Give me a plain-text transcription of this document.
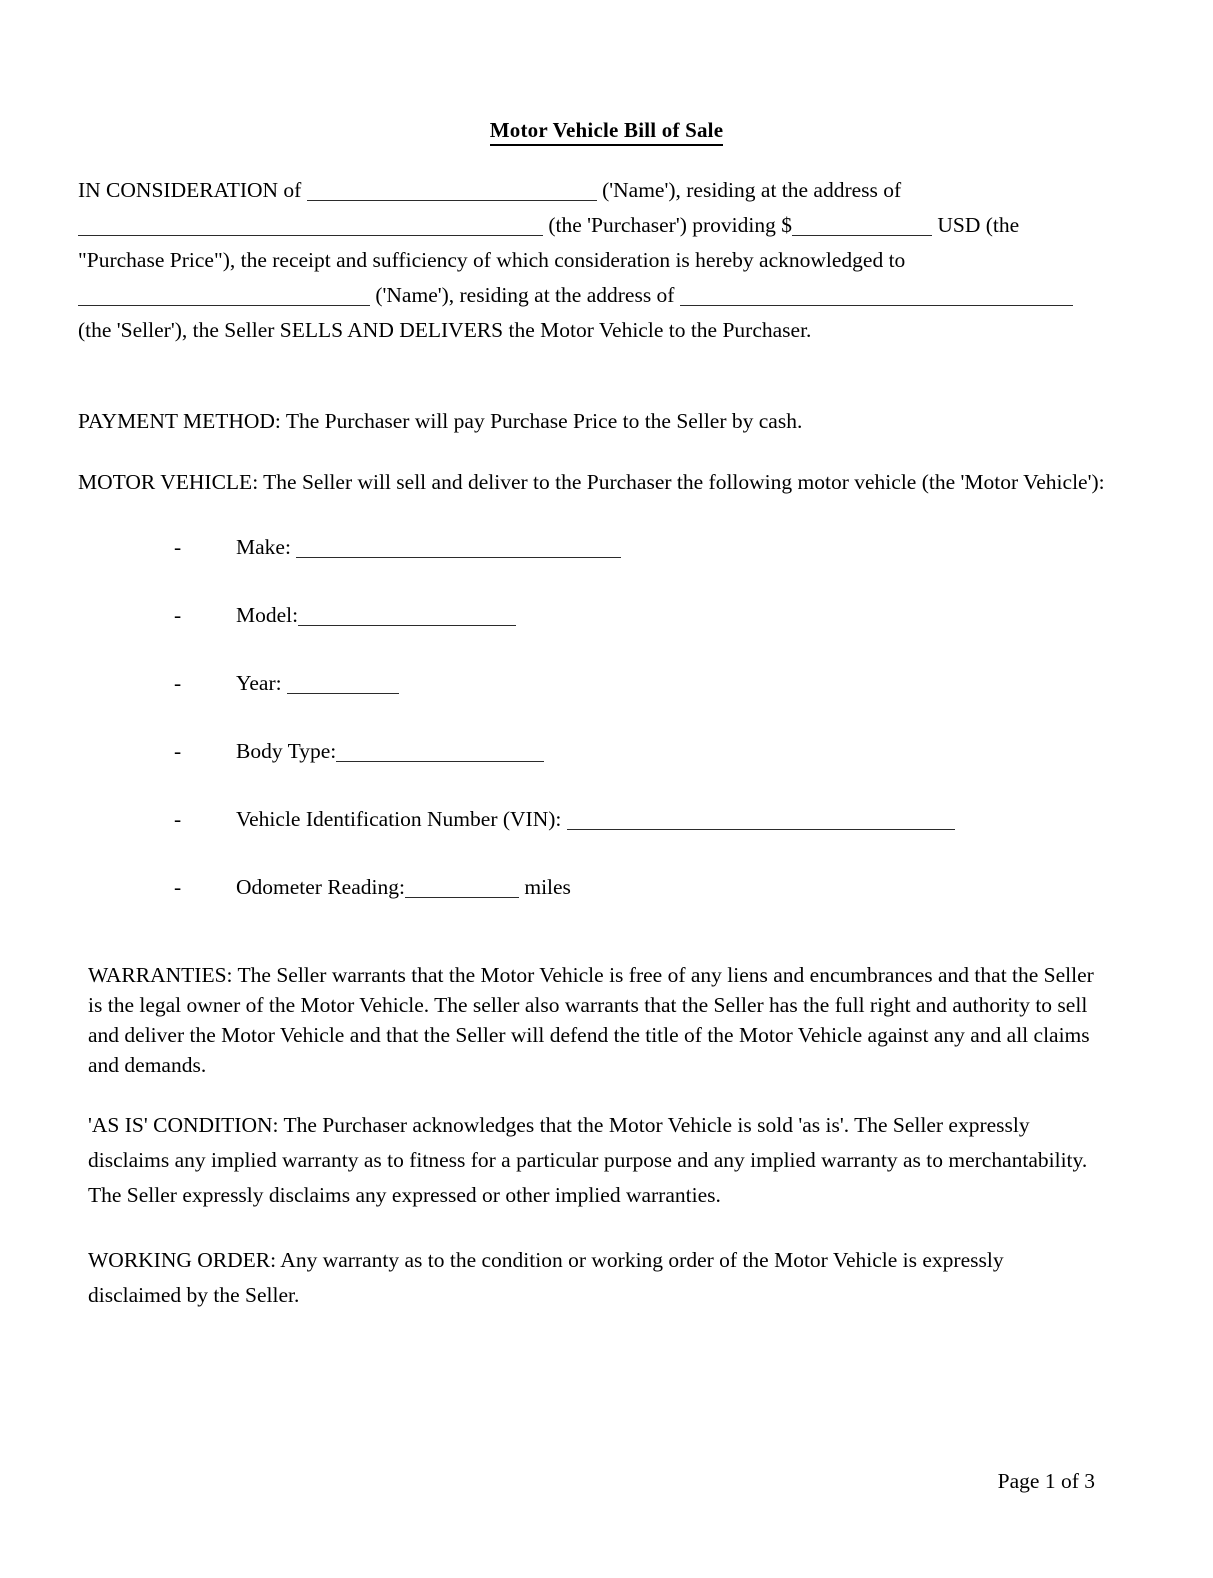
Motor Vehicle Bill of Sale
IN CONSIDERATION of	('Name'), residing at the address of
(the 'Purchaser') providing $	USD (the
"Purchase Price"), the receipt and sufficiency of which consideration is hereby acknowledged to
('Name'), residing at the address of
(the 'Seller'), the Seller SELLS AND DELIVERS the Motor Vehicle to the Purchaser.

PAYMENT METHOD: The Purchaser will pay Purchase Price to the Seller by cash.

MOTOR VEHICLE: The Seller will sell and deliver to the Purchaser the following motor vehicle (the 'Motor Vehicle'):

-	Make:
-	Model:
-	Year:
-	Body Type:
-	Vehicle Identification Number (VIN):
-	Odometer Reading:	miles

WARRANTIES: The Seller warrants that the Motor Vehicle is free of any liens and encumbrances and that the Seller is the legal owner of the Motor Vehicle. The seller also warrants that the Seller has the full right and authority to sell and deliver the Motor Vehicle and that the Seller will defend the title of the Motor Vehicle against any and all claims and demands.

'AS IS' CONDITION: The Purchaser acknowledges that the Motor Vehicle is sold 'as is'. The Seller expressly disclaims any implied warranty as to fitness for a particular purpose and any implied warranty as to merchantability. The Seller expressly disclaims any expressed or other implied warranties.

WORKING ORDER: Any warranty as to the condition or working order of the Motor Vehicle is expressly disclaimed by the Seller.

Page 1 of 3
